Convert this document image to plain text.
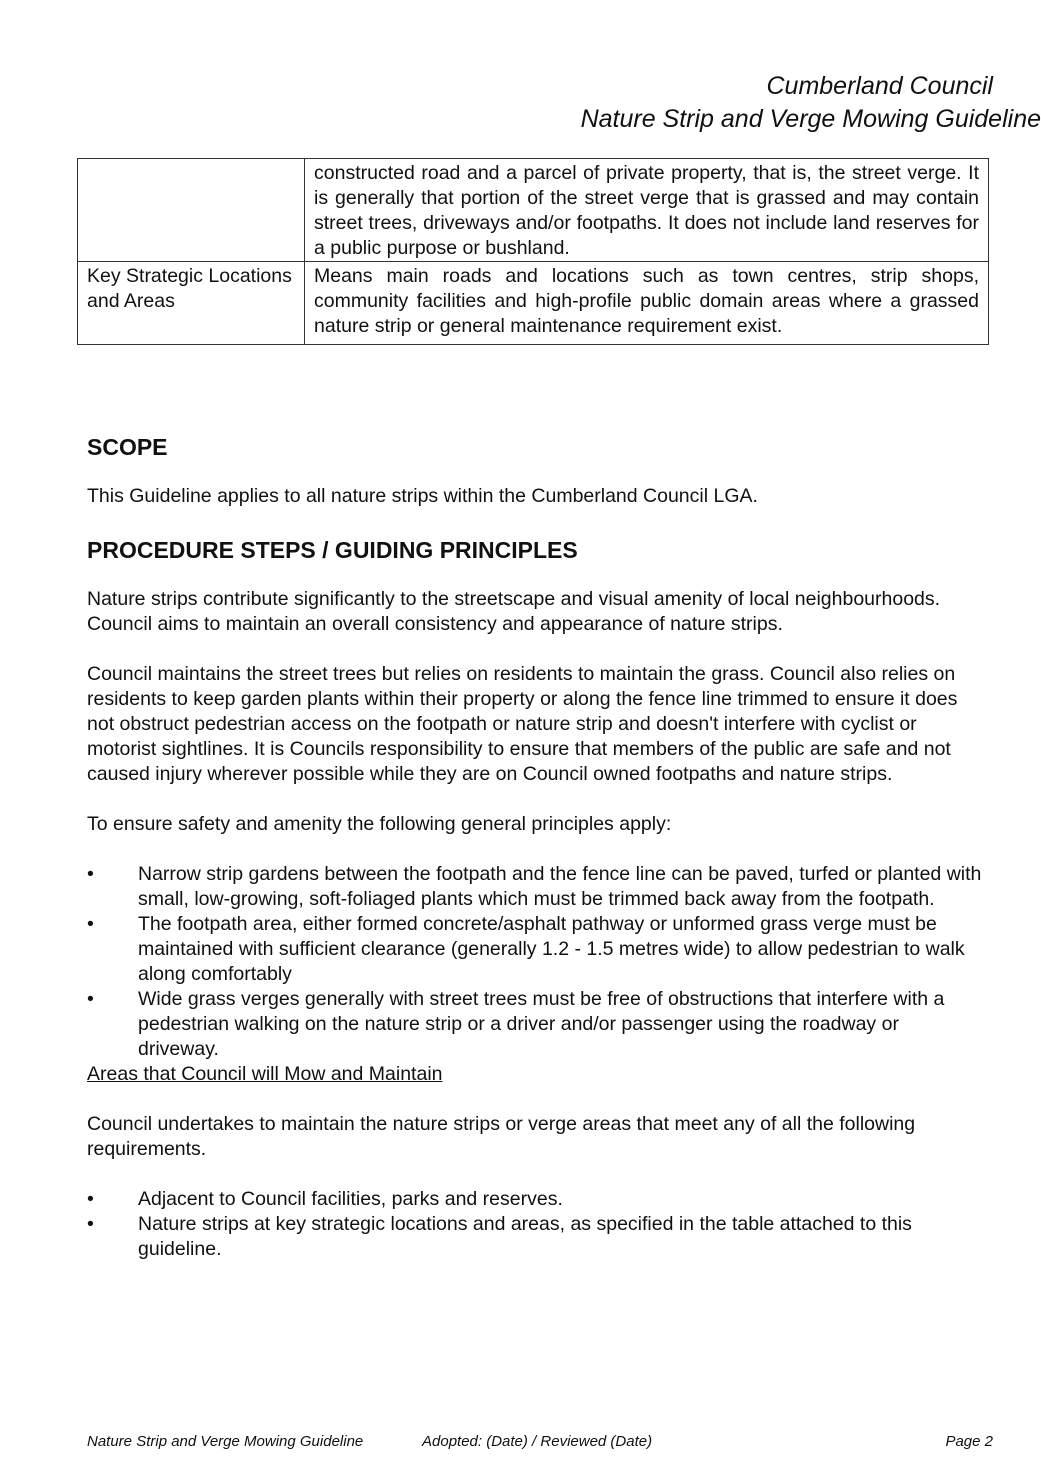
Cumberland Council
Nature Strip and Verge Mowing Guideline
	constructed road and a parcel of private property, that is, the street verge. It is generally that portion of the street verge that is grassed and may contain street trees, driveways and/or footpaths. It does not include land reserves for a public purpose or bushland.
Key Strategic Locations and Areas	Means main roads and locations such as town centres, strip shops, community facilities and high-profile public domain areas where a grassed nature strip or general maintenance requirement exist.
SCOPE

This Guideline applies to all nature strips within the Cumberland Council LGA.

PROCEDURE STEPS / GUIDING PRINCIPLES

Nature strips contribute significantly to the streetscape and visual amenity of local neighbourhoods. Council aims to maintain an overall consistency and appearance of nature strips.

Council maintains the street trees but relies on residents to maintain the grass. Council also relies on residents to keep garden plants within their property or along the fence line trimmed to ensure it does not obstruct pedestrian access on the footpath or nature strip and doesn't interfere with cyclist or motorist sightlines. It is Councils responsibility to ensure that members of the public are safe and not caused injury wherever possible while they are on Council owned footpaths and nature strips.

To ensure safety and amenity the following general principles apply:

• Narrow strip gardens between the footpath and the fence line can be paved, turfed or planted with small, low-growing, soft-foliaged plants which must be trimmed back away from the footpath.
• The footpath area, either formed concrete/asphalt pathway or unformed grass verge must be maintained with sufficient clearance (generally 1.2 - 1.5 metres wide) to allow pedestrian to walk along comfortably
• Wide grass verges generally with street trees must be free of obstructions that interfere with a pedestrian walking on the nature strip or a driver and/or passenger using the roadway or driveway.

Areas that Council will Mow and Maintain

Council undertakes to maintain the nature strips or verge areas that meet any of all the following requirements.

• Adjacent to Council facilities, parks and reserves.
• Nature strips at key strategic locations and areas, as specified in the table attached to this guideline.
Nature Strip and Verge Mowing Guideline	Adopted: (Date) / Reviewed (Date)	Page 2
